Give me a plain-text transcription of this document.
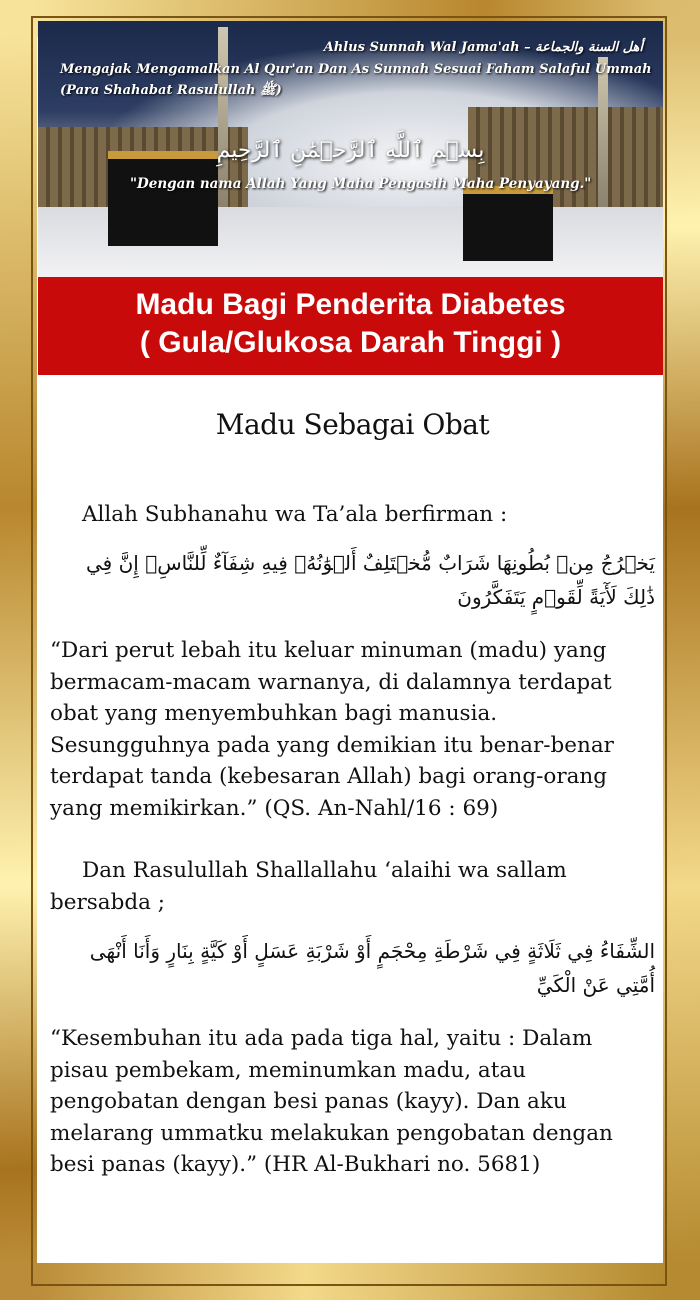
Ahlus Sunnah Wal Jama'ah – أهل السنة والجماعة
Mengajak Mengamalkan Al Qur'an Dan As Sunnah Sesuai Faham Salaful Ummah
(Para Shahabat Rasulullah ﷺ)
بِسۡمِ ٱللَّهِ ٱلرَّحۡمَٰنِ ٱلرَّحِيمِ
"Dengan nama Allah Yang Maha Pengasih Maha Penyayang."
Madu Bagi Penderita Diabetes
( Gula/Glukosa Darah Tinggi )
Madu Sebagai Obat

Allah Subhanahu wa Ta’ala berfirman :

يَخۡرُجُ مِنۢ بُطُونِهَا شَرَابٌ مُّخۡتَلِفٌ أَلۡوَٰنُهُۥ فِيهِ شِفَآءٌ لِّلنَّاسِۗ إِنَّ فِي ذَٰلِكَ لَأٓيَةً لِّقَوۡمٍ يَتَفَكَّرُونَ

“Dari perut lebah itu keluar minuman (madu) yang bermacam-macam warnanya, di dalamnya terdapat obat yang menyembuhkan bagi manusia. Sesungguhnya pada yang demikian itu benar-benar terdapat tanda (kebesaran Allah) bagi orang-orang yang memikirkan.” (QS. An-Nahl/16 : 69)

Dan Rasulullah Shallallahu ‘alaihi wa sallam bersabda ;

الشِّفَاءُ فِي ثَلَاثَةٍ فِي شَرْطَةِ مِحْجَمٍ أَوْ شَرْبَةِ عَسَلٍ أَوْ كَيَّةٍ بِنَارٍ وَأَنَا أَنْهَى أُمَّتِي عَنْ الْكَيِّ

“Kesembuhan itu ada pada tiga hal, yaitu : Dalam pisau pembekam, meminumkan madu, atau pengobatan dengan besi panas (kayy). Dan aku melarang ummatku melakukan pengobatan dengan besi panas (kayy).” (HR Al-Bukhari no. 5681)
